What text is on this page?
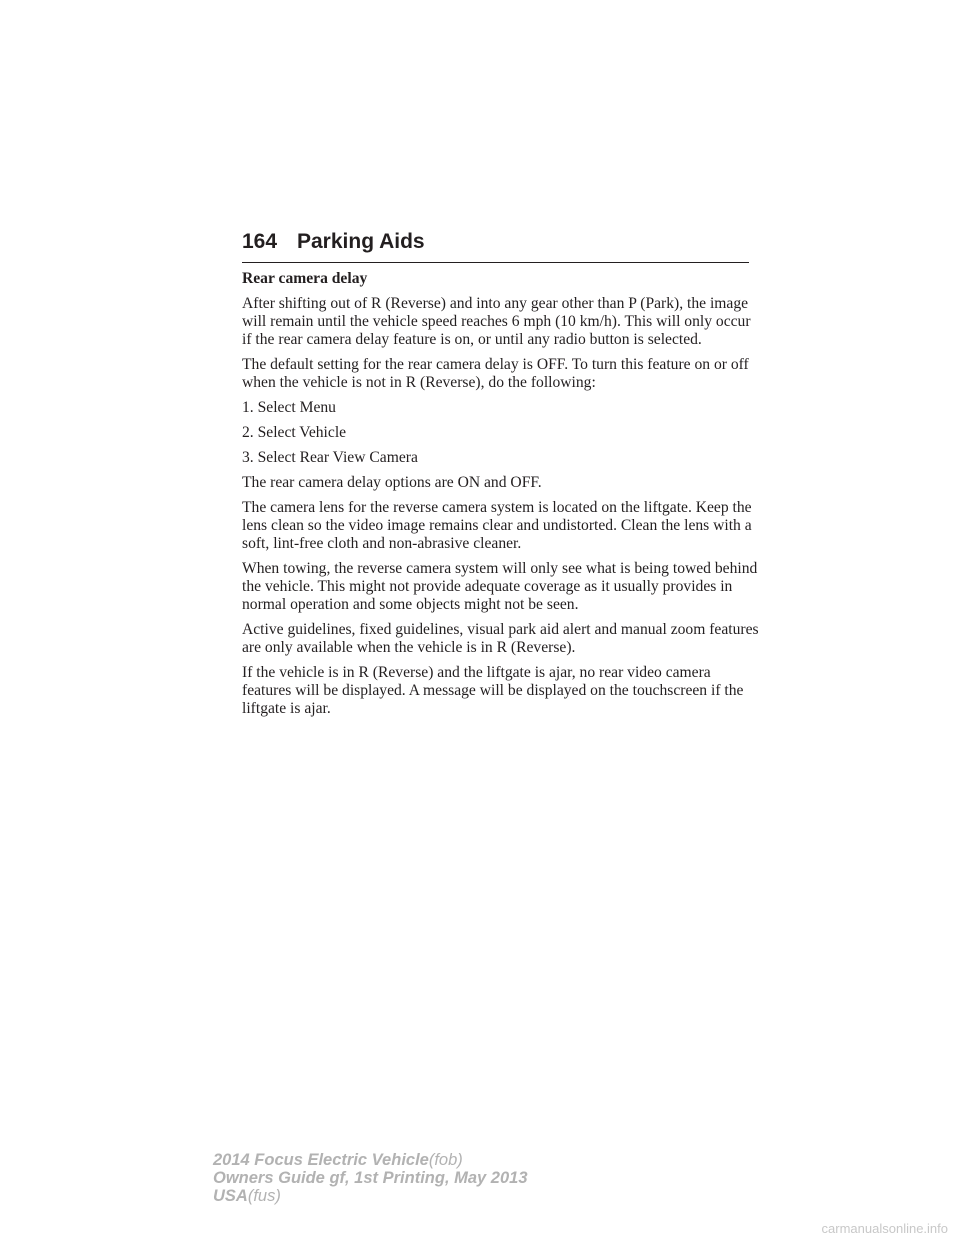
164 Parking Aids

Rear camera delay

After shifting out of R (Reverse) and into any gear other than P (Park), the image will remain until the vehicle speed reaches 6 mph (10 km/h). This will only occur if the rear camera delay feature is on, or until any radio button is selected.

The default setting for the rear camera delay is OFF. To turn this feature on or off when the vehicle is not in R (Reverse), do the following:

1. Select Menu

2. Select Vehicle

3. Select Rear View Camera

The rear camera delay options are ON and OFF.

The camera lens for the reverse camera system is located on the liftgate. Keep the lens clean so the video image remains clear and undistorted. Clean the lens with a soft, lint-free cloth and non-abrasive cleaner.

When towing, the reverse camera system will only see what is being towed behind the vehicle. This might not provide adequate coverage as it usually provides in normal operation and some objects might not be seen.

Active guidelines, fixed guidelines, visual park aid alert and manual zoom features are only available when the vehicle is in R (Reverse).

If the vehicle is in R (Reverse) and the liftgate is ajar, no rear video camera features will be displayed. A message will be displayed on the touchscreen if the liftgate is ajar.

2014 Focus Electric Vehicle(fob)
Owners Guide gf, 1st Printing, May 2013
USA(fus)
carmanualsonline.info
